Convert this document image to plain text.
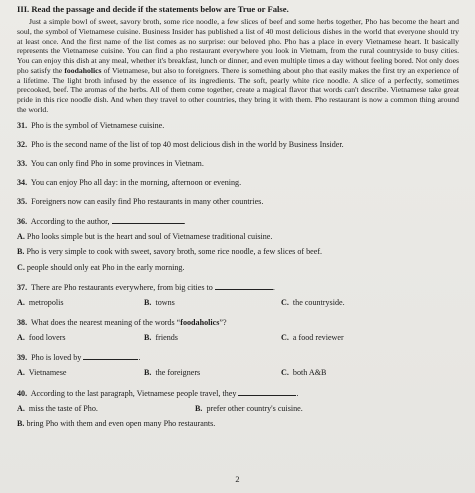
III. Read the passage and decide if the statements below are True or False.

Just a simple bowl of sweet, savory broth, some rice noodle, a few slices of beef and some herbs together, Pho has become the heart and soul, the symbol of Vietnamese cuisine. Business Insider has published a list of 40 most delicious dishes in the world that everyone should try at least once. And the first name of the list comes as no surprise: our beloved pho. Pho has a place in every Vietnamese heart. It basically represents the Vietnamese cuisine. You can find a pho restaurant everywhere you look in Vietnam, from the rural countryside to busy cities. You can enjoy this dish at any meal, whether it's breakfast, lunch or dinner, and even multiple times a day without feeling bored. Not only does pho satisfy the foodaholics of Vietnamese, but also to foreigners. There is something about pho that easily makes the first try an experience of a lifetime. The light broth infused by the essence of its ingredients. The soft, pearly white rice noodle. A slice of a perfectly, sometimes precooked, beef. The aromas of the herbs. All of them come together, create a magical flavor that words can't describe. Vietnamese take great pride in this rice noodle dish. And when they travel to other countries, they bring it with them. Pho restaurant is now a common thing around the world.

31. Pho is the symbol of Vietnamese cuisine.
32. Pho is the second name of the list of top 40 most delicious dish in the world by Business Insider.
33. You can only find Pho in some provinces in Vietnam.
34. You can enjoy Pho all day: in the morning, afternoon or evening.
35. Foreigners now can easily find Pho restaurants in many other countries.
36. According to the author,	.
A. Pho looks simple but is the heart and soul of Vietnamese traditional cuisine.
B. Pho is very simple to cook with sweet, savory broth, some rice noodle, a few slices of beef.
C. people should only eat Pho in the early morning.
37. There are Pho restaurants everywhere, from big cities to	.
A. metropolis	B. towns	C. the countryside.
38. What does the nearest meaning of the words “foodaholics”?
A. food lovers	B. friends	C. a food reviewer
39. Pho is loved by	.
A. Vietnamese	B. the foreigners	C. both A&B
40. According to the last paragraph, Vietnamese people travel, they	.
A. miss the taste of Pho.	B. prefer other country's cuisine.
B. bring Pho with them and even open many Pho restaurants.
2
